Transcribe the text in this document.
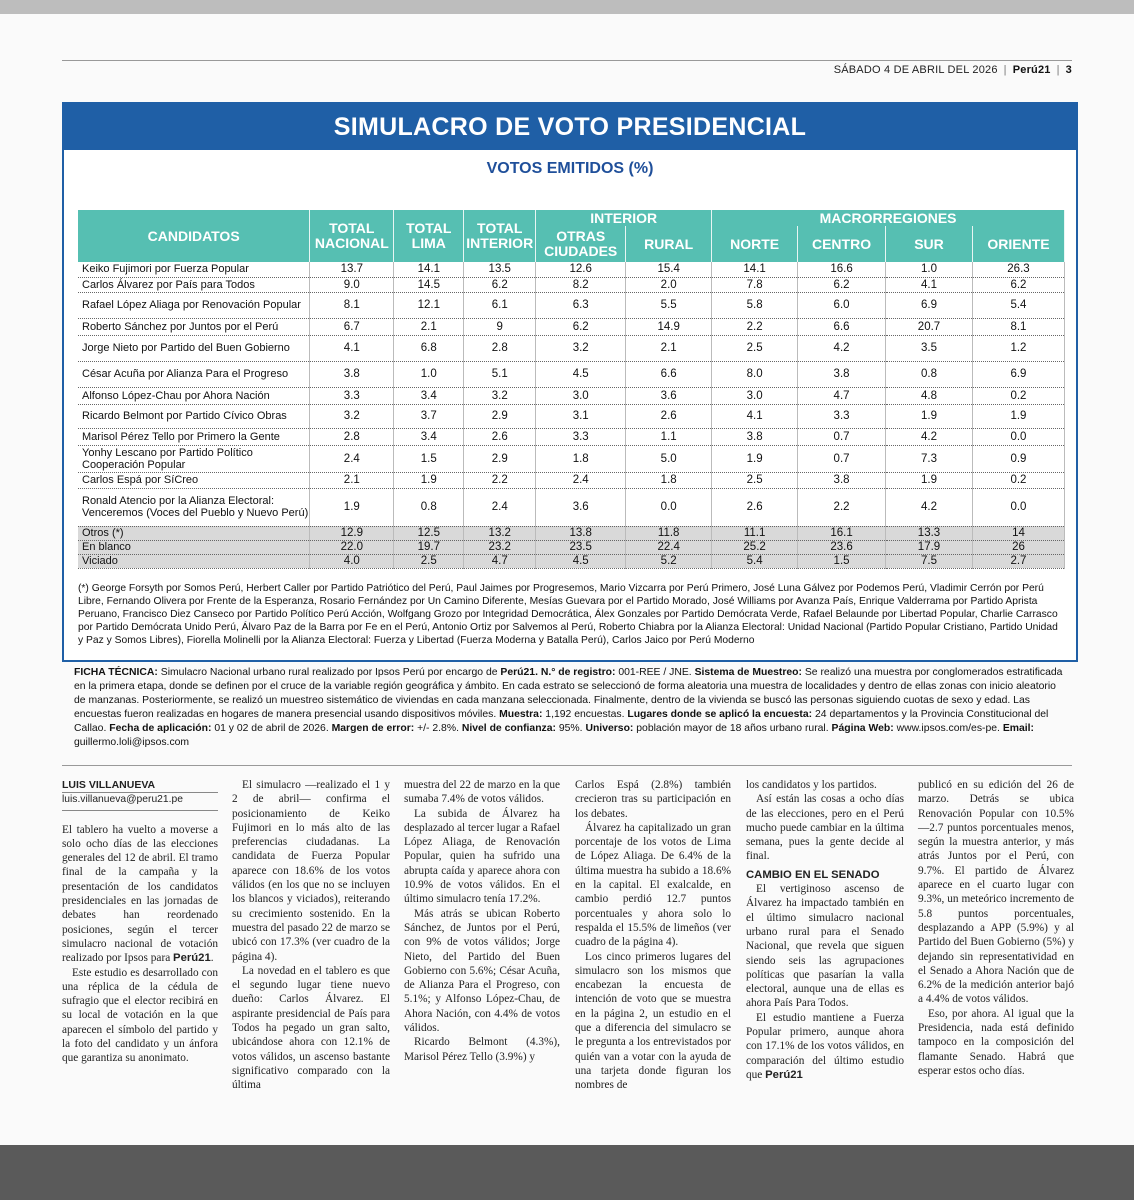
SÁBADO 4 DE ABRIL DEL 2026 | Perú21 | 3
SIMULACRO DE VOTO PRESIDENCIAL
VOTOS EMITIDOS (%)
CANDIDATOS	TOTAL NACIONAL	TOTAL LIMA	TOTAL INTERIOR	INTERIOR		MACRORREGIONES			
				OTRAS CIUDADES	RURAL	NORTE	CENTRO	SUR	ORIENTE
Keiko Fujimori por Fuerza Popular	13.7	14.1	13.5	12.6	15.4	14.1	16.6	1.0	26.3
Carlos Álvarez por País para Todos	9.0	14.5	6.2	8.2	2.0	7.8	6.2	4.1	6.2
Rafael López Aliaga por Renovación Popular	8.1	12.1	6.1	6.3	5.5	5.8	6.0	6.9	5.4
Roberto Sánchez por Juntos por el Perú	6.7	2.1	9	6.2	14.9	2.2	6.6	20.7	8.1
Jorge Nieto por Partido del Buen Gobierno	4.1	6.8	2.8	3.2	2.1	2.5	4.2	3.5	1.2
César Acuña por Alianza Para el Progreso	3.8	1.0	5.1	4.5	6.6	8.0	3.8	0.8	6.9
Alfonso López-Chau por Ahora Nación	3.3	3.4	3.2	3.0	3.6	3.0	4.7	4.8	0.2
Ricardo Belmont por Partido Cívico Obras	3.2	3.7	2.9	3.1	2.6	4.1	3.3	1.9	1.9
Marisol Pérez Tello por Primero la Gente	2.8	3.4	2.6	3.3	1.1	3.8	0.7	4.2	0.0
Yonhy Lescano por Partido Político Cooperación Popular	2.4	1.5	2.9	1.8	5.0	1.9	0.7	7.3	0.9
Carlos Espá por SíCreo	2.1	1.9	2.2	2.4	1.8	2.5	3.8	1.9	0.2
Ronald Atencio por la Alianza Electoral: Venceremos (Voces del Pueblo y Nuevo Perú)	1.9	0.8	2.4	3.6	0.0	2.6	2.2	4.2	0.0
Otros (*)	12.9	12.5	13.2	13.8	11.8	11.1	16.1	13.3	14
En blanco	22.0	19.7	23.2	23.5	22.4	25.2	23.6	17.9	26
Viciado	4.0	2.5	4.7	4.5	5.2	5.4	1.5	7.5	2.7
(*) George Forsyth por Somos Perú, Herbert Caller por Partido Patriótico del Perú, Paul Jaimes por Progresemos, Mario Vizcarra por Perú Primero, José Luna Gálvez por Podemos Perú, Vladimir Cerrón por Perú Libre, Fernando Olivera por Frente de la Esperanza, Rosario Fernández por Un Camino Diferente, Mesías Guevara por el Partido Morado, José Williams por Avanza País, Enrique Valderrama por Partido Aprista Peruano, Francisco Diez Canseco por Partido Político Perú Acción, Wolfgang Grozo por Integridad Democrática, Álex Gonzales por Partido Demócrata Verde, Rafael Belaunde por Libertad Popular, Charlie Carrasco por Partido Demócrata Unido Perú, Álvaro Paz de la Barra por Fe en el Perú, Antonio Ortiz por Salvemos al Perú, Roberto Chiabra por la Alianza Electoral: Unidad Nacional (Partido Popular Cristiano, Partido Unidad y Paz y Somos Libres), Fiorella Molinelli por la Alianza Electoral: Fuerza y Libertad (Fuerza Moderna y Batalla Perú), Carlos Jaico por Perú Moderno
FICHA TÉCNICA: Simulacro Nacional urbano rural realizado por Ipsos Perú por encargo de Perú21. N.° de registro: 001-REE / JNE. Sistema de Muestreo: Se realizó una muestra por conglomerados estratificada en la primera etapa, donde se definen por el cruce de la variable región geográfica y ámbito. En cada estrato se seleccionó de forma aleatoria una muestra de localidades y dentro de ellas zonas con inicio aleatorio de manzanas. Posteriormente, se realizó un muestreo sistemático de viviendas en cada manzana seleccionada. Finalmente, dentro de la vivienda se buscó las personas siguiendo cuotas de sexo y edad. Las encuestas fueron realizadas en hogares de manera presencial usando dispositivos móviles. Muestra: 1,192 encuestas. Lugares donde se aplicó la encuesta: 24 departamentos y la Provincia Constitucional del Callao. Fecha de aplicación: 01 y 02 de abril de 2026. Margen de error: +/- 2.8%. Nivel de confianza: 95%. Universo: población mayor de 18 años urbano rural. Página Web: www.ipsos.com/es-pe. Email: guillermo.loli@ipsos.com
LUIS VILLANUEVA
luis.villanueva@peru21.pe

El tablero ha vuelto a moverse a solo ocho días de las elecciones generales del 12 de abril. El tramo final de la campaña y la presentación de los candidatos presidenciales en las jornadas de debates han reordenado posiciones, según el tercer simulacro nacional de votación realizado por Ipsos para Perú21.

Este estudio es desarrollado con una réplica de la cédula de sufragio que el elector recibirá en su local de votación en la que aparecen el símbolo del partido y la foto del candidato y un ánfora que garantiza su anonimato.

El simulacro —realizado el 1 y 2 de abril— confirma el posicionamiento de Keiko Fujimori en lo más alto de las preferencias ciudadanas. La candidata de Fuerza Popular aparece con 18.6% de los votos válidos (en los que no se incluyen los blancos y viciados), reiterando su crecimiento sostenido. En la muestra del pasado 22 de marzo se ubicó con 17.3% (ver cuadro de la página 4).

La novedad en el tablero es que el segundo lugar tiene nuevo dueño: Carlos Álvarez. El aspirante presidencial de País para Todos ha pegado un gran salto, ubicándose ahora con 12.1% de votos válidos, un ascenso bastante significativo comparado con la última

muestra del 22 de marzo en la que sumaba 7.4% de votos válidos.

La subida de Álvarez ha desplazado al tercer lugar a Rafael López Aliaga, de Renovación Popular, quien ha sufrido una abrupta caída y aparece ahora con 10.9% de votos válidos. En el último simulacro tenía 17.2%.

Más atrás se ubican Roberto Sánchez, de Juntos por el Perú, con 9% de votos válidos; Jorge Nieto, del Partido del Buen Gobierno con 5.6%; César Acuña, de Alianza Para el Progreso, con 5.1%; y Alfonso López-Chau, de Ahora Nación, con 4.4% de votos válidos.

Ricardo Belmont (4.3%), Marisol Pérez Tello (3.9%) y

Carlos Espá (2.8%) también crecieron tras su participación en los debates.

Álvarez ha capitalizado un gran porcentaje de los votos de Lima de López Aliaga. De 6.4% de la última muestra ha subido a 18.6% en la capital. El exalcalde, en cambio perdió 12.7 puntos porcentuales y ahora solo lo respalda el 15.5% de limeños (ver cuadro de la página 4).

Los cinco primeros lugares del simulacro son los mismos que encabezan la encuesta de intención de voto que se muestra en la página 2, un estudio en el que a diferencia del simulacro se le pregunta a los entrevistados por quién van a votar con la ayuda de una tarjeta donde figuran los nombres de

los candidatos y los partidos.

Así están las cosas a ocho días de las elecciones, pero en el Perú mucho puede cambiar en la última semana, pues la gente decide al final.

CAMBIO EN EL SENADO

El vertiginoso ascenso de Álvarez ha impactado también en el último simulacro nacional urbano rural para el Senado Nacional, que revela que siguen siendo seis las agrupaciones políticas que pasarían la valla electoral, aunque una de ellas es ahora País Para Todos.

El estudio mantiene a Fuerza Popular primero, aunque ahora con 17.1% de los votos válidos, en comparación del último estudio que Perú21

publicó en su edición del 26 de marzo. Detrás se ubica Renovación Popular con 10.5% —2.7 puntos porcentuales menos, según la muestra anterior, y más atrás Juntos por el Perú, con 9.7%. El partido de Álvarez aparece en el cuarto lugar con 9.3%, un meteórico incremento de 5.8 puntos porcentuales, desplazando a APP (5.9%) y al Partido del Buen Gobierno (5%) y dejando sin representatividad en el Senado a Ahora Nación que de 6.2% de la medición anterior bajó a 4.4% de votos válidos.

Eso, por ahora. Al igual que la Presidencia, nada está definido tampoco en la composición del flamante Senado. Habrá que esperar estos ocho días.
